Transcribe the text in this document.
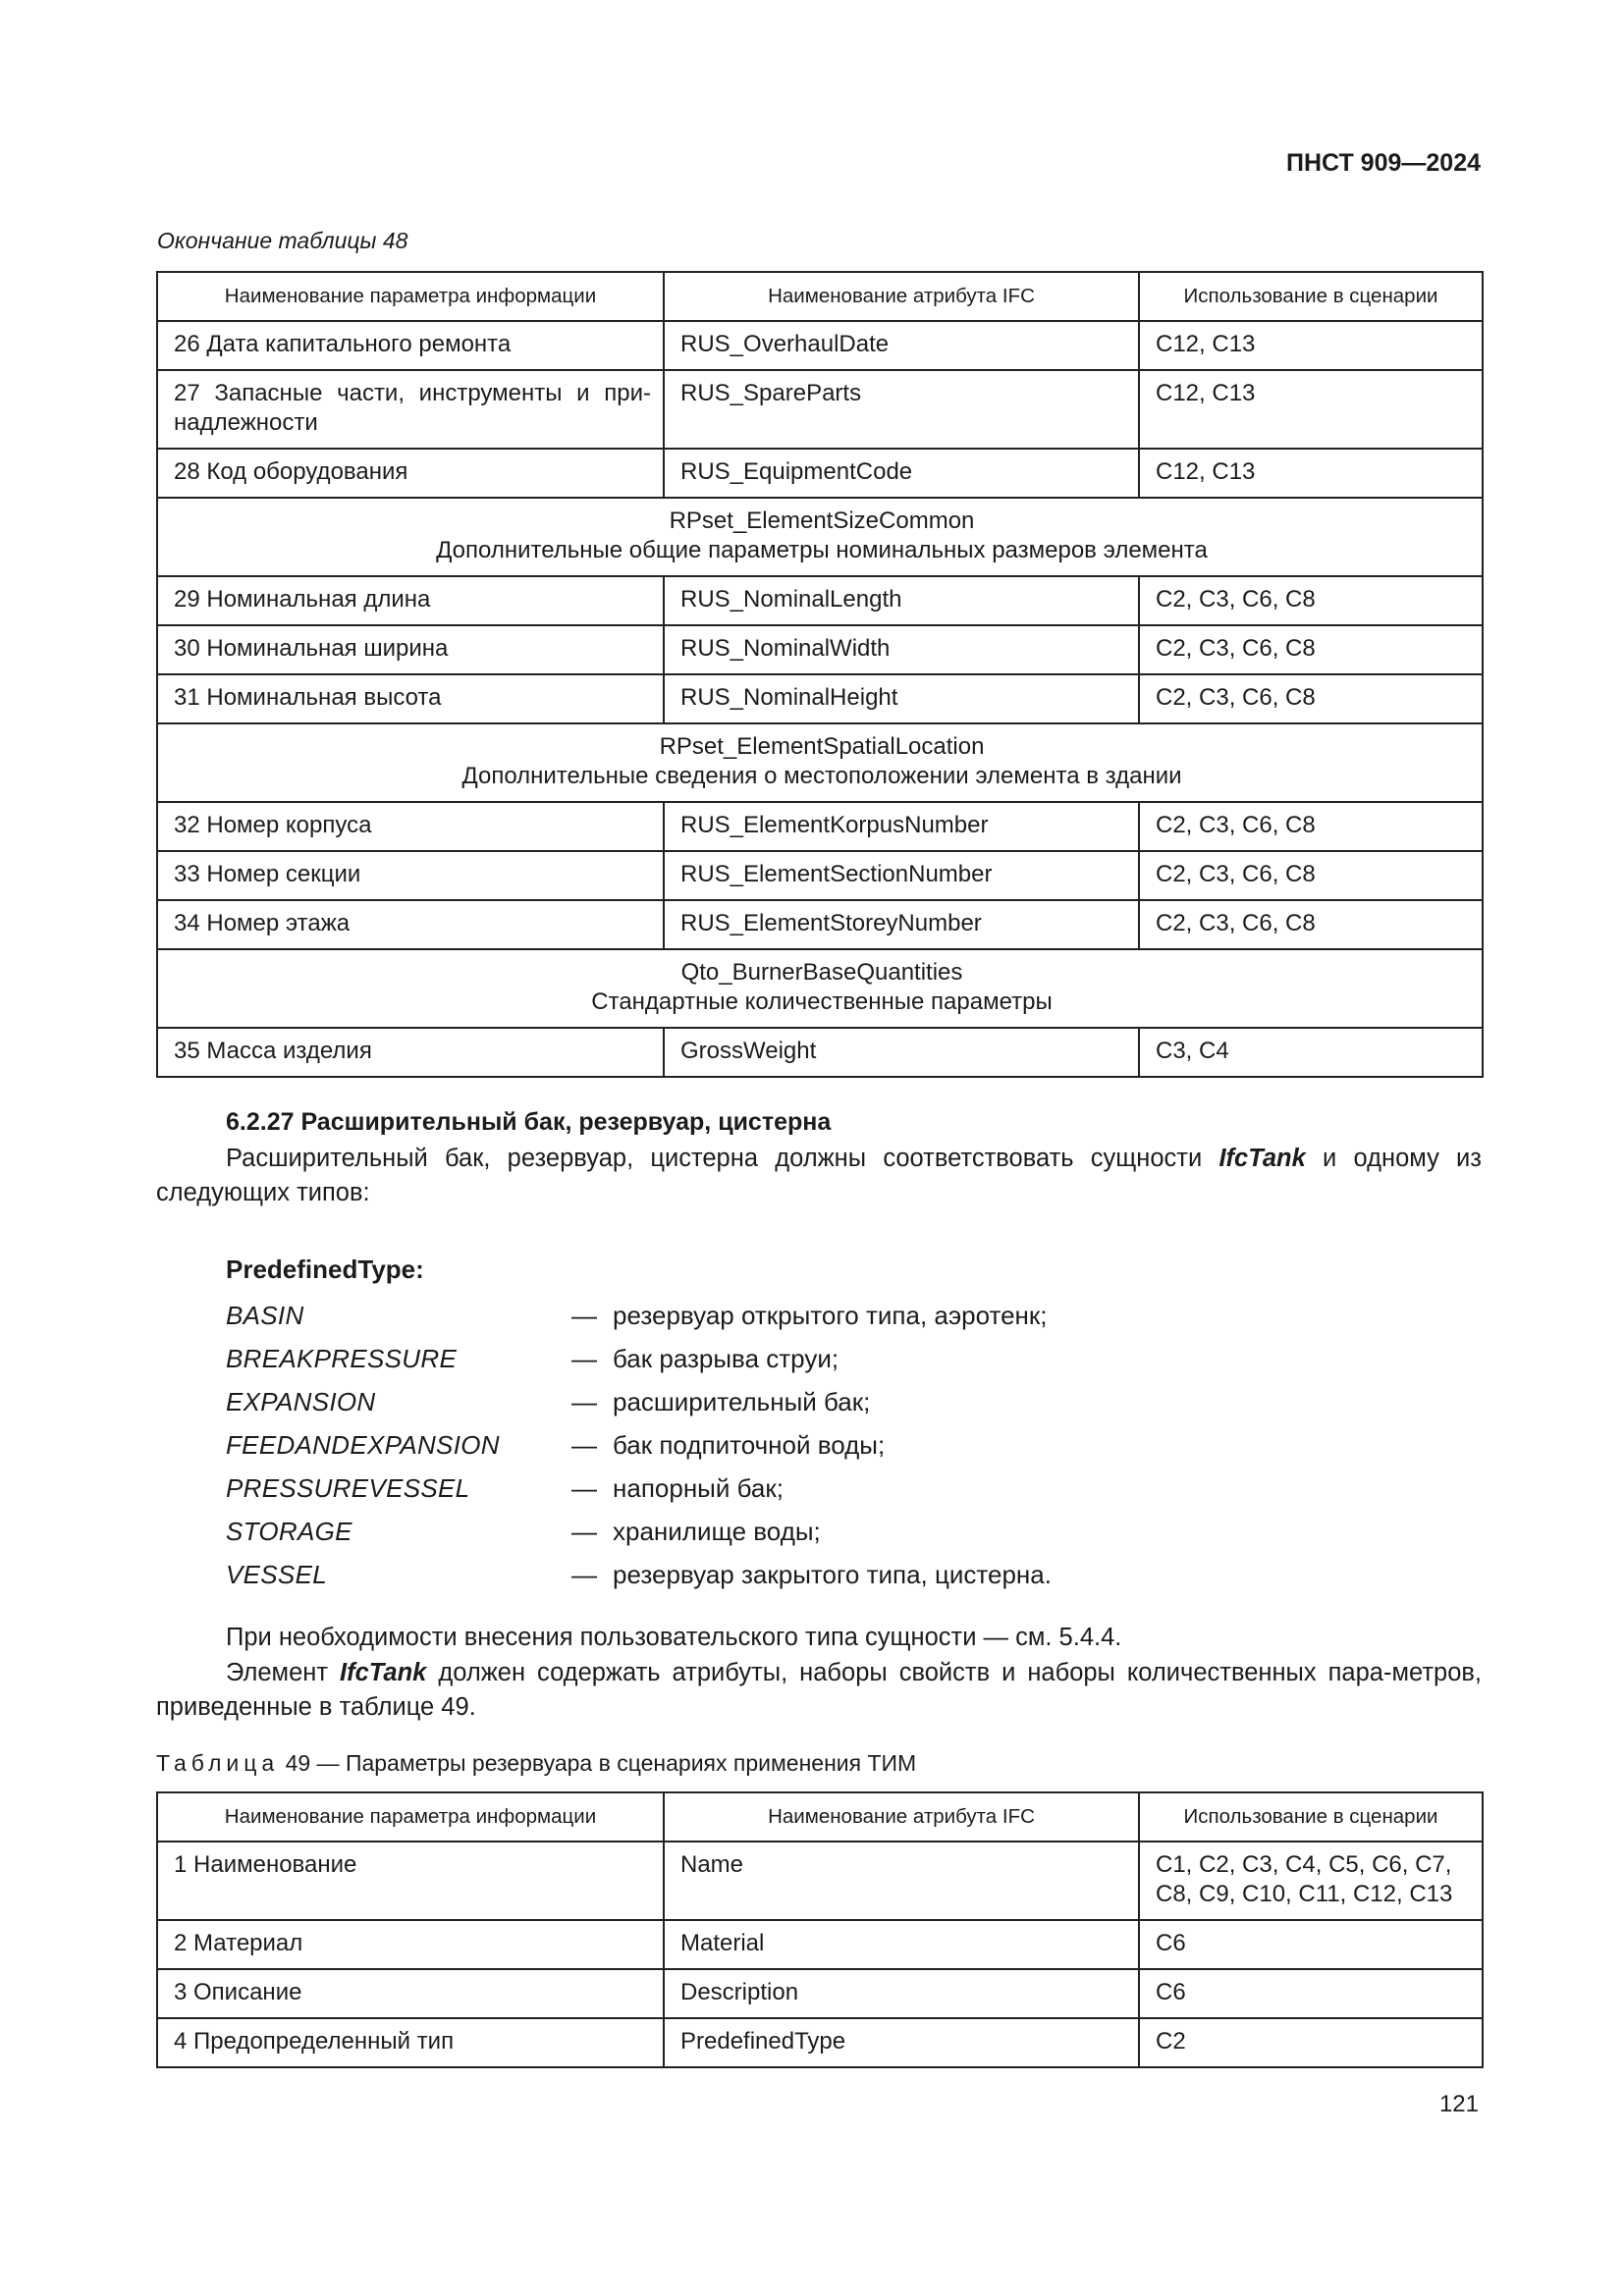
ПНСТ 909—2024
Окончание таблицы 48
Наименование параметра информации	Наименование атрибута IFC	Использование в сценарии
26 Дата капитального ремонта	RUS_OverhaulDate	C12, C13
27 Запасные части, инструменты и при-надлежности	RUS_SpareParts	C12, C13
28 Код оборудования	RUS_EquipmentCode	C12, C13

RPset_ElementSizeCommon
Дополнительные общие параметры номинальных размеров элемента		

29 Номинальная длина	RUS_NominalLength	C2, C3, C6, C8
30 Номинальная ширина	RUS_NominalWidth	C2, C3, C6, C8
31 Номинальная высота	RUS_NominalHeight	C2, C3, C6, C8

RPset_ElementSpatialLocation
Дополнительные сведения о местоположении элемента в здании		

32 Номер корпуса	RUS_ElementKorpusNumber	C2, C3, C6, C8
33 Номер секции	RUS_ElementSectionNumber	C2, C3, C6, C8
34 Номер этажа	RUS_ElementStoreyNumber	C2, C3, C6, C8

Qto_BurnerBaseQuantities
Стандартные количественные параметры		

35 Масса изделия	GrossWeight	C3, C4
6.2.27 Расширительный бак, резервуар, цистерна
Расширительный бак, резервуар, цистерна должны соответствовать сущности IfcTank и одному из следующих типов:
PredefinedType:
BASIN	— резервуар открытого типа, аэротенк;
BREAKPRESSURE	— бак разрыва струи;
EXPANSION	— расширительный бак;
FEEDANDEXPANSION	— бак подпиточной воды;
PRESSUREVESSEL	— напорный бак;
STORAGE	— хранилище воды;
VESSEL	— резервуар закрытого типа, цистерна.
При необходимости внесения пользовательского типа сущности — см. 5.4.4.
Элемент IfcTank должен содержать атрибуты, наборы свойств и наборы количественных пара-метров, приведенные в таблице 49.
Таблица 49 — Параметры резервуара в сценариях применения ТИМ
Наименование параметра информации	Наименование атрибута IFC	Использование в сценарии
1 Наименование	Name	C1, C2, C3, C4, C5, C6, C7, C8, C9, C10, C11, C12, C13
2 Материал	Material	C6
3 Описание	Description	C6
4 Предопределенный тип	PredefinedType	C2
121
